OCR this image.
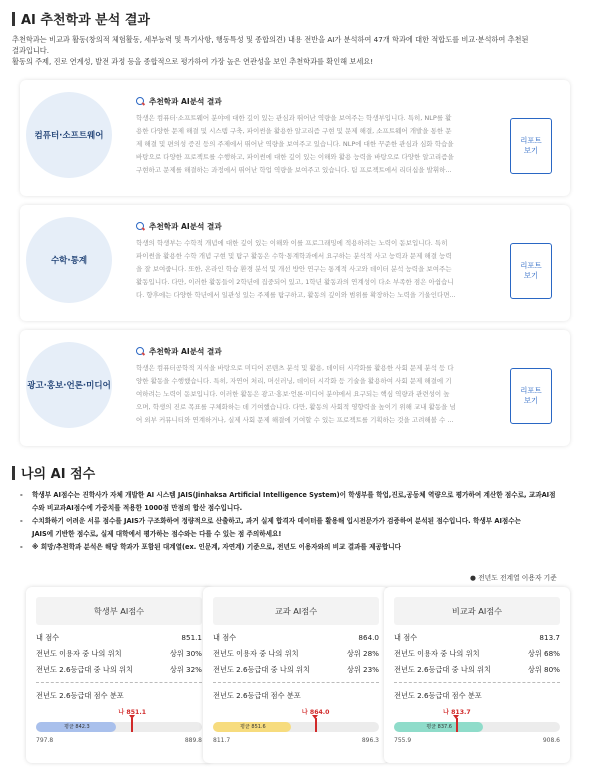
AI 추천학과 분석 결과

추천학과는 비교과 활동(창의적 체험활동, 세부능력 및 특기사항, 행동특성 및 종합의견) 내용 전반을 AI가 분석하여 47개 학과에 대한 적합도를 비교·분석하여 추천된

결과입니다.

활동의 주제, 진로 연계성, 발전 과정 등을 종합적으로 평가하여 가장 높은 연관성을 보인 추천학과를 확인해 보세요!

컴퓨터·소프트웨어
추천학과 AI분석 결과
학생은 컴퓨터·소프트웨어 분야에 대한 깊이 있는 관심과 뛰어난 역량을 보여주는 학생부입니다. 특히, NLP를 활
용한 다양한 문제 해결 및 시스템 구축, 파이썬을 활용한 알고리즘 구현 및 문제 해결, 소프트웨어 개발을 통한 문
제 해결 및 편의성 증진 등의 주제에서 뛰어난 역량을 보여주고 있습니다. NLP에 대한 꾸준한 관심과 심화 학습을
바탕으로 다양한 프로젝트를 수행하고, 파이썬에 대한 깊이 있는 이해와 활용 능력을 바탕으로 다양한 알고리즘을
구현하고 문제를 해결하는 과정에서 뛰어난 학업 역량을 보여주고 있습니다. 팀 프로젝트에서 리더십을 발휘하...
리포트
보기
수학·통계
추천학과 AI분석 결과
학생의 학생부는 수학적 개념에 대한 깊이 있는 이해와 이를 프로그래밍에 적용하려는 노력이 돋보입니다. 특히
파이썬을 활용한 수학 개념 구현 및 탐구 활동은 수학·통계학과에서 요구하는 분석적 사고 능력과 문제 해결 능력
을 잘 보여줍니다. 또한, 온라인 학습 환경 분석 및 개선 방안 연구는 통계적 사고와 데이터 분석 능력을 보여주는
활동입니다. 다만, 이러한 활동들이 2학년에 집중되어 있고, 1학년 활동과의 연계성이 다소 부족한 점은 아쉽습니
다. 향후에는 다양한 학년에서 일관성 있는 주제를 탐구하고, 활동의 깊이와 범위를 확장하는 노력을 기울인다면...
리포트
보기
광고·홍보·언론·미디어
추천학과 AI분석 결과
학생은 컴퓨터공학적 지식을 바탕으로 미디어 콘텐츠 분석 및 활용, 데이터 시각화를 활용한 사회 문제 분석 등 다
양한 활동을 수행했습니다. 특히, 자연어 처리, 머신러닝, 데이터 시각화 등 기술을 활용하여 사회 문제 해결에 기
여하려는 노력이 돋보입니다. 이러한 활동은 광고·홍보·언론·미디어 분야에서 요구되는 핵심 역량과 관련성이 높
으며, 학생의 진로 목표를 구체화하는 데 기여했습니다. 다만, 활동의 사회적 영향력을 높이기 위해 교내 활동을 넘
어 외부 커뮤니티와 연계하거나, 실제 사회 문제 해결에 기여할 수 있는 프로젝트를 기획하는 것을 고려해볼 수 ...
리포트
보기
나의 AI 점수
-	학생부 AI점수는 진학사가 자체 개발한 AI 시스템 JAIS(Jinhaksa Artificial Intelligence System)이 학생부를 학업,진로,공동체 역량으로 평가하여 계산한 점수로, 교과AI점
수와 비교과AI점수에 가중치를 적용한 1000점 만점의 합산 점수입니다.
-	수치화하기 어려운 서류 점수를 JAIS가 구조화하여 정량적으로 산출하고, 과거 실제 합격자 데이터를 활용해 입시전문가가 검증하여 분석된 점수입니다. 학생부 AI점수는
JAIS에 기반한 점수로, 실제 대학에서 평가하는 점수와는 다를 수 있는 점 주의하세요!
-	※ 희망/추천학과 분석은 해당 학과가 포함된 대계열(ex. 인문계, 자연계) 기준으로, 전년도 이용자와의 비교 결과를 제공합니다
● 전년도 전계열 이용자 기준
학생부 AI점수
내 점수	851.1
전년도 이용자 중 나의 위치	상위 30%
전년도 2.6등급대 중 나의 위치	상위 32%
전년도 2.6등급대 점수 분포
평균 842.3
나 851.1
797.8	889.8
교과 AI점수
내 점수	864.0
전년도 이용자 중 나의 위치	상위 28%
전년도 2.6등급대 중 나의 위치	상위 23%
전년도 2.6등급대 점수 분포
평균 851.6
나 864.0
811.7	896.3
비교과 AI점수
내 점수	813.7
전년도 이용자 중 나의 위치	상위 68%
전년도 2.6등급대 중 나의 위치	상위 80%
전년도 2.6등급대 점수 분포
평균 837.6
나 813.7
755.9	908.6
